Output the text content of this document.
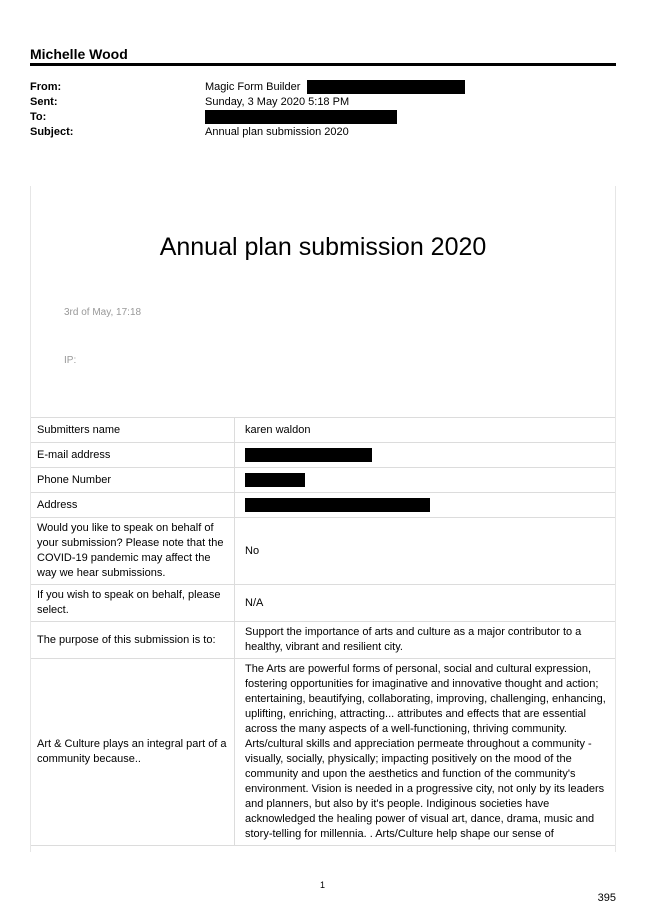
Michelle Wood
From:	Magic Form Builder
Sent:	Sunday, 3 May 2020 5:18 PM
To:
Subject:	Annual plan submission 2020
Annual plan submission 2020
3rd of May, 17:18
IP:
Submitters name	karen waldon
E-mail address	
Phone Number	
Address	
Would you like to speak on behalf of your submission? Please note that the COVID-19 pandemic may affect the way we hear submissions.	No
If you wish to speak on behalf, please select.	N/A
The purpose of this submission is to:	Support the importance of arts and culture as a major contributor to a healthy, vibrant and resilient city.
Art & Culture plays an integral part of a community because..	The Arts are powerful forms of personal, social and cultural expression, fostering opportunities for imaginative and innovative thought and action; entertaining, beautifying, collaborating, improving, challenging, enhancing, uplifting, enriching, attracting... attributes and effects that are essential across the many aspects of a well-functioning, thriving community. Arts/cultural skills and appreciation permeate throughout a community - visually, socially, physically; impacting positively on the mood of the community and upon the aesthetics and function of the community's environment. Vision is needed in a progressive city, not only by its leaders and planners, but also by it's people. Indiginous societies have acknowledged the healing power of visual art, dance, drama, music and story-telling for millennia. . Arts/Culture help shape our sense of
1
395
